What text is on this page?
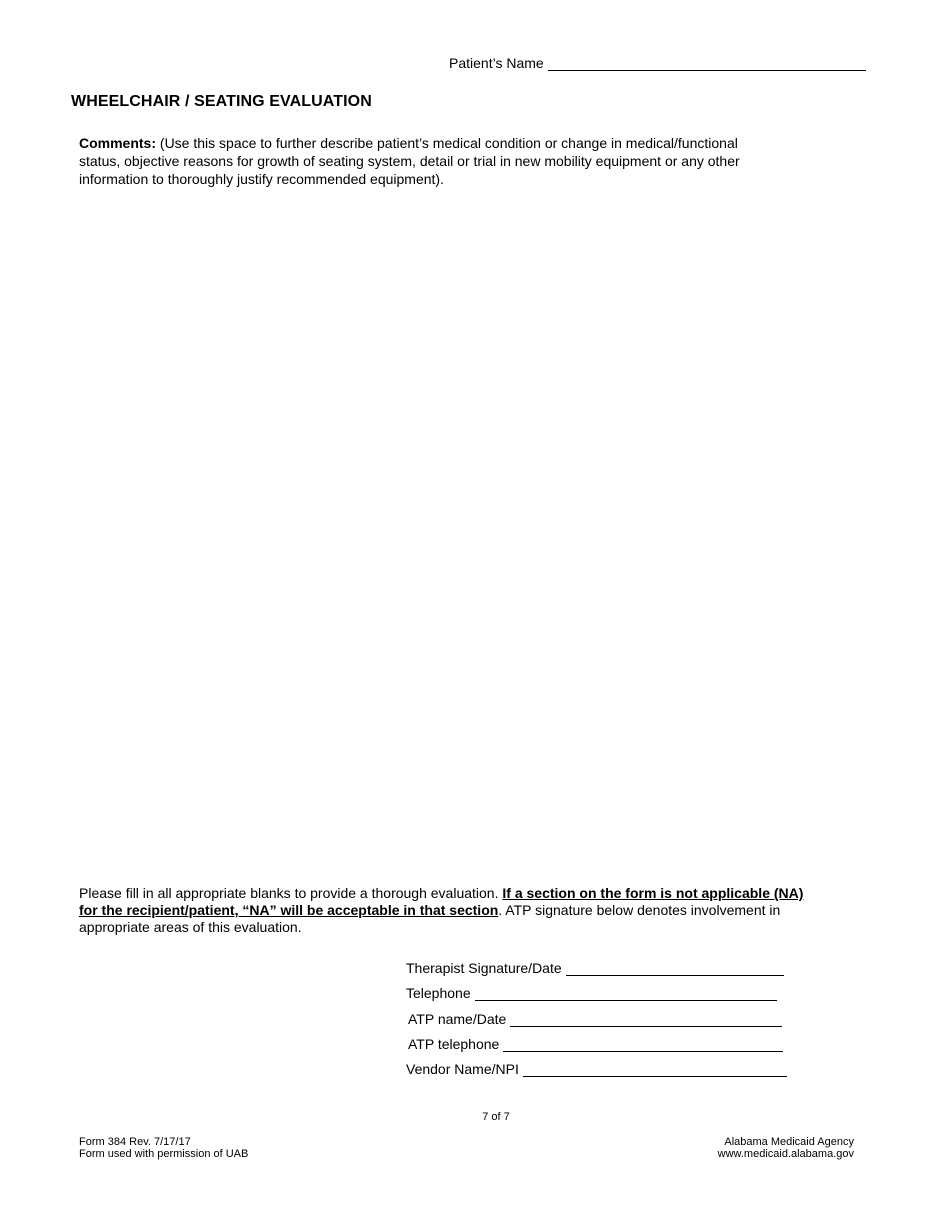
Patient’s Name
WHEELCHAIR / SEATING EVALUATION
Comments: (Use this space to further describe patient’s medical condition or change in medical/functional status, objective reasons for growth of seating system, detail or trial in new mobility equipment or any other information to thoroughly justify recommended equipment).
Please fill in all appropriate blanks to provide a thorough evaluation. If a section on the form is not applicable (NA) for the recipient/patient, “NA” will be acceptable in that section. ATP signature below denotes involvement in appropriate areas of this evaluation.
Therapist Signature/Date
Telephone
ATP name/Date
ATP telephone
Vendor Name/NPI
7 of 7
Form 384 Rev. 7/17/17
Form used with permission of UAB
Alabama Medicaid Agency
www.medicaid.alabama.gov
